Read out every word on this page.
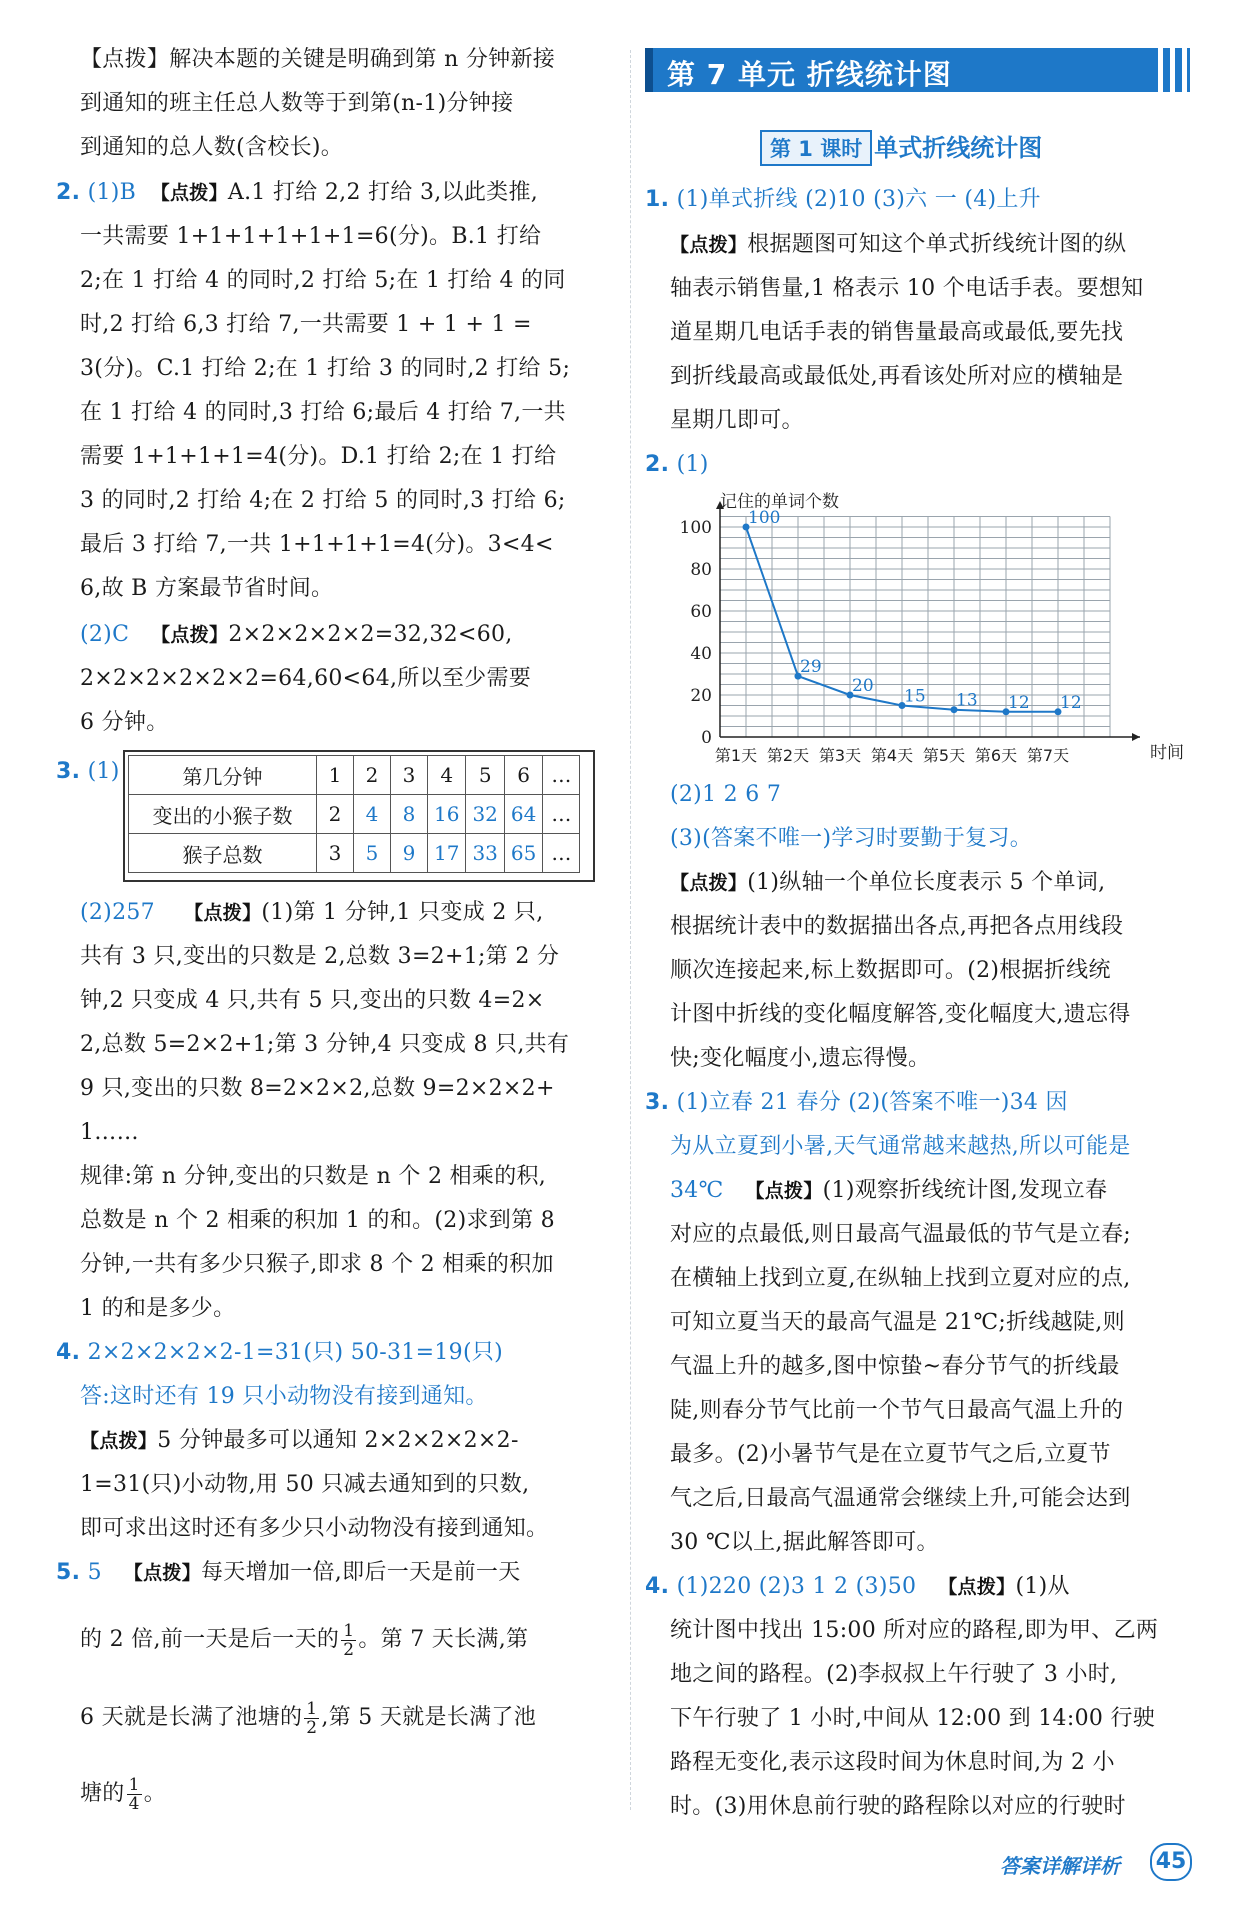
【点拨】解决本题的关键是明确到第 n 分钟新接
到通知的班主任总人数等于到第(n-1)分钟接
到通知的总人数(含校长)。
2. (1)B 【点拨】A.1 打给 2,2 打给 3,以此类推,
一共需要 1+1+1+1+1+1=6(分)。B.1 打给
2;在 1 打给 4 的同时,2 打给 5;在 1 打给 4 的同
时,2 打给 6,3 打给 7,一共需要 1 + 1 + 1 =
3(分)。C.1 打给 2;在 1 打给 3 的同时,2 打给 5;
在 1 打给 4 的同时,3 打给 6;最后 4 打给 7,一共
需要 1+1+1+1=4(分)。D.1 打给 2;在 1 打给
3 的同时,2 打给 4;在 2 打给 5 的同时,3 打给 6;
最后 3 打给 7,一共 1+1+1+1=4(分)。3<4<
6,故 B 方案最节省时间。
(2)C 【点拨】2×2×2×2×2=32,32<60,
2×2×2×2×2×2=64,60<64,所以至少需要
6 分钟。
3. (1)	第几分钟	1	2	3	4	5	6	…
变出的小猴子数	2	4	8	16	32	64	…
猴子总数	3	5	9	17	33	65	…
(2)257 【点拨】(1)第 1 分钟,1 只变成 2 只,
共有 3 只,变出的只数是 2,总数 3=2+1;第 2 分
钟,2 只变成 4 只,共有 5 只,变出的只数 4=2×
2,总数 5=2×2+1;第 3 分钟,4 只变成 8 只,共有
9 只,变出的只数 8=2×2×2,总数 9=2×2×2+
1……
规律:第 n 分钟,变出的只数是 n 个 2 相乘的积,
总数是 n 个 2 相乘的积加 1 的和。(2)求到第 8
分钟,一共有多少只猴子,即求 8 个 2 相乘的积加
1 的和是多少。
4. 2×2×2×2×2-1=31(只) 50-31=19(只)
答:这时还有 19 只小动物没有接到通知。
【点拨】5 分钟最多可以通知 2×2×2×2×2-
1=31(只)小动物,用 50 只减去通知到的只数,
即可求出这时还有多少只小动物没有接到通知。
5. 5 【点拨】每天增加一倍,即后一天是前一天
的 2 倍,前一天是后一天的 $\frac{1}{2}$ 。第 7 天长满,第
6 天就是长满了池塘的 $\frac{1}{2}$ ,第 5 天就是长满了池
塘的 $\frac{1}{4}$ 。
第 7 单元 折线统计图
第 1 课时 单式折线统计图
1. (1)单式折线 (2)10 (3)六 一 (4)上升
【点拨】根据题图可知这个单式折线统计图的纵
轴表示销售量,1 格表示 10 个电话手表。要想知
道星期几电话手表的销售量最高或最低,要先找
到折线最高或最低处,再看该处所对应的横轴是
星期几即可。
2. (1)
0
20
40
60
80
100
第1天 第2天 第3天 第4天 第5天 第6天 第7天
100
29
20
15 13 12 12
记住的单词个数
时间
(2)1 2 6 7
(3)(答案不唯一)学习时要勤于复习。
【点拨】(1)纵轴一个单位长度表示 5 个单词,
根据统计表中的数据描出各点,再把各点用线段
顺次连接起来,标上数据即可。(2)根据折线统
计图中折线的变化幅度解答,变化幅度大,遗忘得
快;变化幅度小,遗忘得慢。
3. (1)立春 21 春分 (2)(答案不唯一)34 因
为从立夏到小暑,天气通常越来越热,所以可能是
34℃ 【点拨】(1)观察折线统计图,发现立春
对应的点最低,则日最高气温最低的节气是立春;
在横轴上找到立夏,在纵轴上找到立夏对应的点,
可知立夏当天的最高气温是 21℃;折线越陡,则
气温上升的越多,图中惊蛰~春分节气的折线最
陡,则春分节气比前一个节气日最高气温上升的
最多。(2)小暑节气是在立夏节气之后,立夏节
气之后,日最高气温通常会继续上升,可能会达到
30 ℃以上,据此解答即可。
4. (1)220 (2)3 1 2 (3)50 【点拨】(1)从
统计图中找出 15:00 所对应的路程,即为甲、乙两
地之间的路程。(2)李叔叔上午行驶了 3 小时,
下午行驶了 1 小时,中间从 12:00 到 14:00 行驶
路程无变化,表示这段时间为休息时间,为 2 小
时。(3)用休息前行驶的路程除以对应的行驶时
答案详解详析 45
